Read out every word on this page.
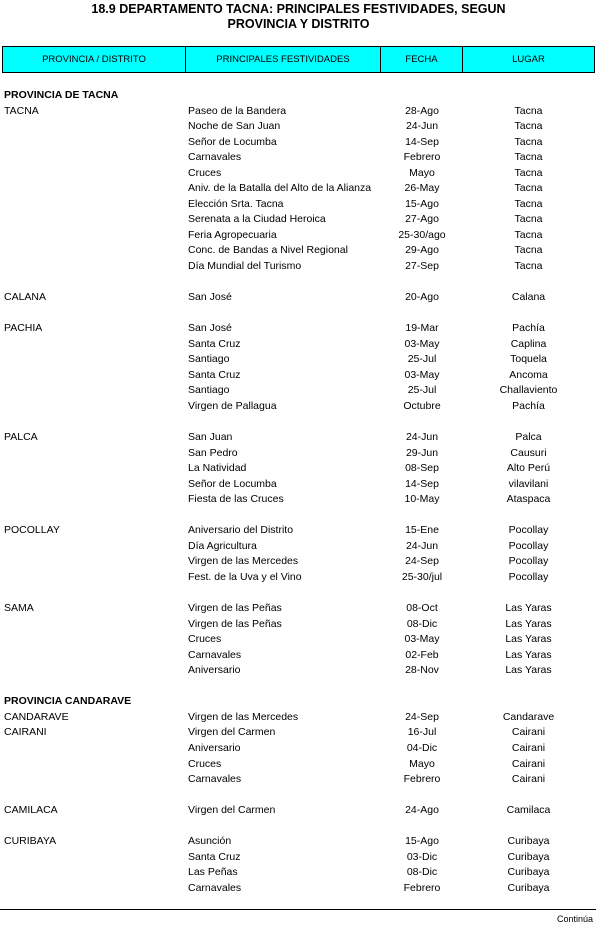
18.9 DEPARTAMENTO TACNA: PRINCIPALES FESTIVIDADES, SEGUN
PROVINCIA Y DISTRITO
PROVINCIA / DISTRITO	PRINCIPALES FESTIVIDADES	FECHA	LUGAR
PROVINCIA DE TACNA
TACNA	Paseo de la Bandera	28-Ago	Tacna
Noche de San Juan	24-Jun	Tacna
Señor de Locumba	14-Sep	Tacna
Carnavales	Febrero	Tacna
Cruces	Mayo	Tacna
Aniv. de la Batalla del Alto de la Alianza	26-May	Tacna
Elección Srta. Tacna	15-Ago	Tacna
Serenata a la Ciudad Heroica	27-Ago	Tacna
Feria Agropecuaria	25-30/ago	Tacna
Conc. de Bandas a Nivel Regional	29-Ago	Tacna
Día Mundial del Turismo	27-Sep	Tacna
CALANA	San José	20-Ago	Calana
PACHIA	San José	19-Mar	Pachía
Santa Cruz	03-May	Caplina
Santiago	25-Jul	Toquela
Santa Cruz	03-May	Ancoma
Santiago	25-Jul	Challaviento
Virgen de Pallagua	Octubre	Pachía
PALCA	San Juan	24-Jun	Palca
San Pedro	29-Jun	Causuri
La Natividad	08-Sep	Alto Perú
Señor de Locumba	14-Sep	vilavilani
Fiesta de las Cruces	10-May	Ataspaca
POCOLLAY	Aniversario del Distrito	15-Ene	Pocollay
Día Agricultura	24-Jun	Pocollay
Virgen de las Mercedes	24-Sep	Pocollay
Fest. de la Uva y el Vino	25-30/jul	Pocollay
SAMA	Virgen de las Peñas	08-Oct	Las Yaras
Virgen de las Peñas	08-Dic	Las Yaras
Cruces	03-May	Las Yaras
Carnavales	02-Feb	Las Yaras
Aniversario	28-Nov	Las Yaras
PROVINCIA CANDARAVE
CANDARAVE	Virgen de las Mercedes	24-Sep	Candarave
CAIRANI	Virgen del Carmen	16-Jul	Cairani
Aniversario	04-Dic	Cairani
Cruces	Mayo	Cairani
Carnavales	Febrero	Cairani
CAMILACA	Virgen del Carmen	24-Ago	Camilaca
CURIBAYA	Asunción	15-Ago	Curibaya
Santa Cruz	03-Dic	Curibaya
Las Peñas	08-Dic	Curibaya
Carnavales	Febrero	Curibaya
Continúa
